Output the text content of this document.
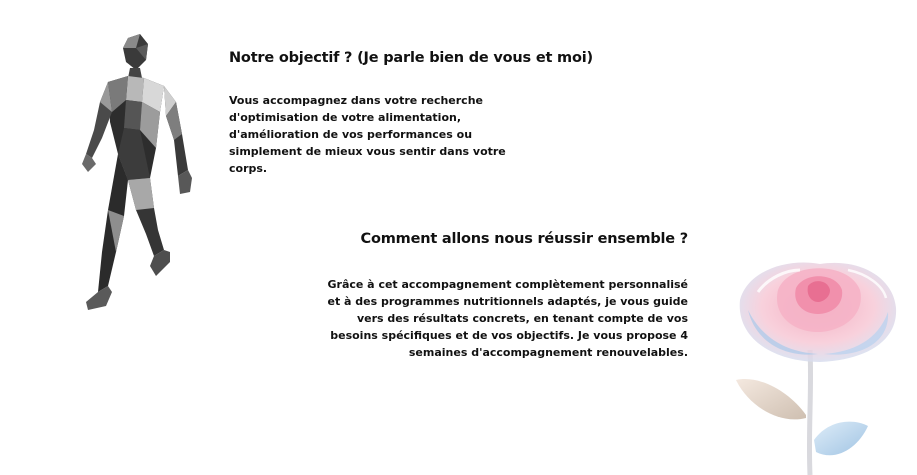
Notre objectif ? (Je parle bien de vous et moi)

Vous accompagnez dans votre recherche d'optimisation de votre alimentation, d'amélioration de vos performances ou simplement de mieux vous sentir dans votre corps.

Comment allons nous réussir ensemble ?

Grâce à cet accompagnement complètement personnalisé et à des programmes nutritionnels adaptés, je vous guide vers des résultats concrets, en tenant compte de vos besoins spécifiques et de vos objectifs. Je vous propose 4 semaines d'accompagnement renouvelables.
